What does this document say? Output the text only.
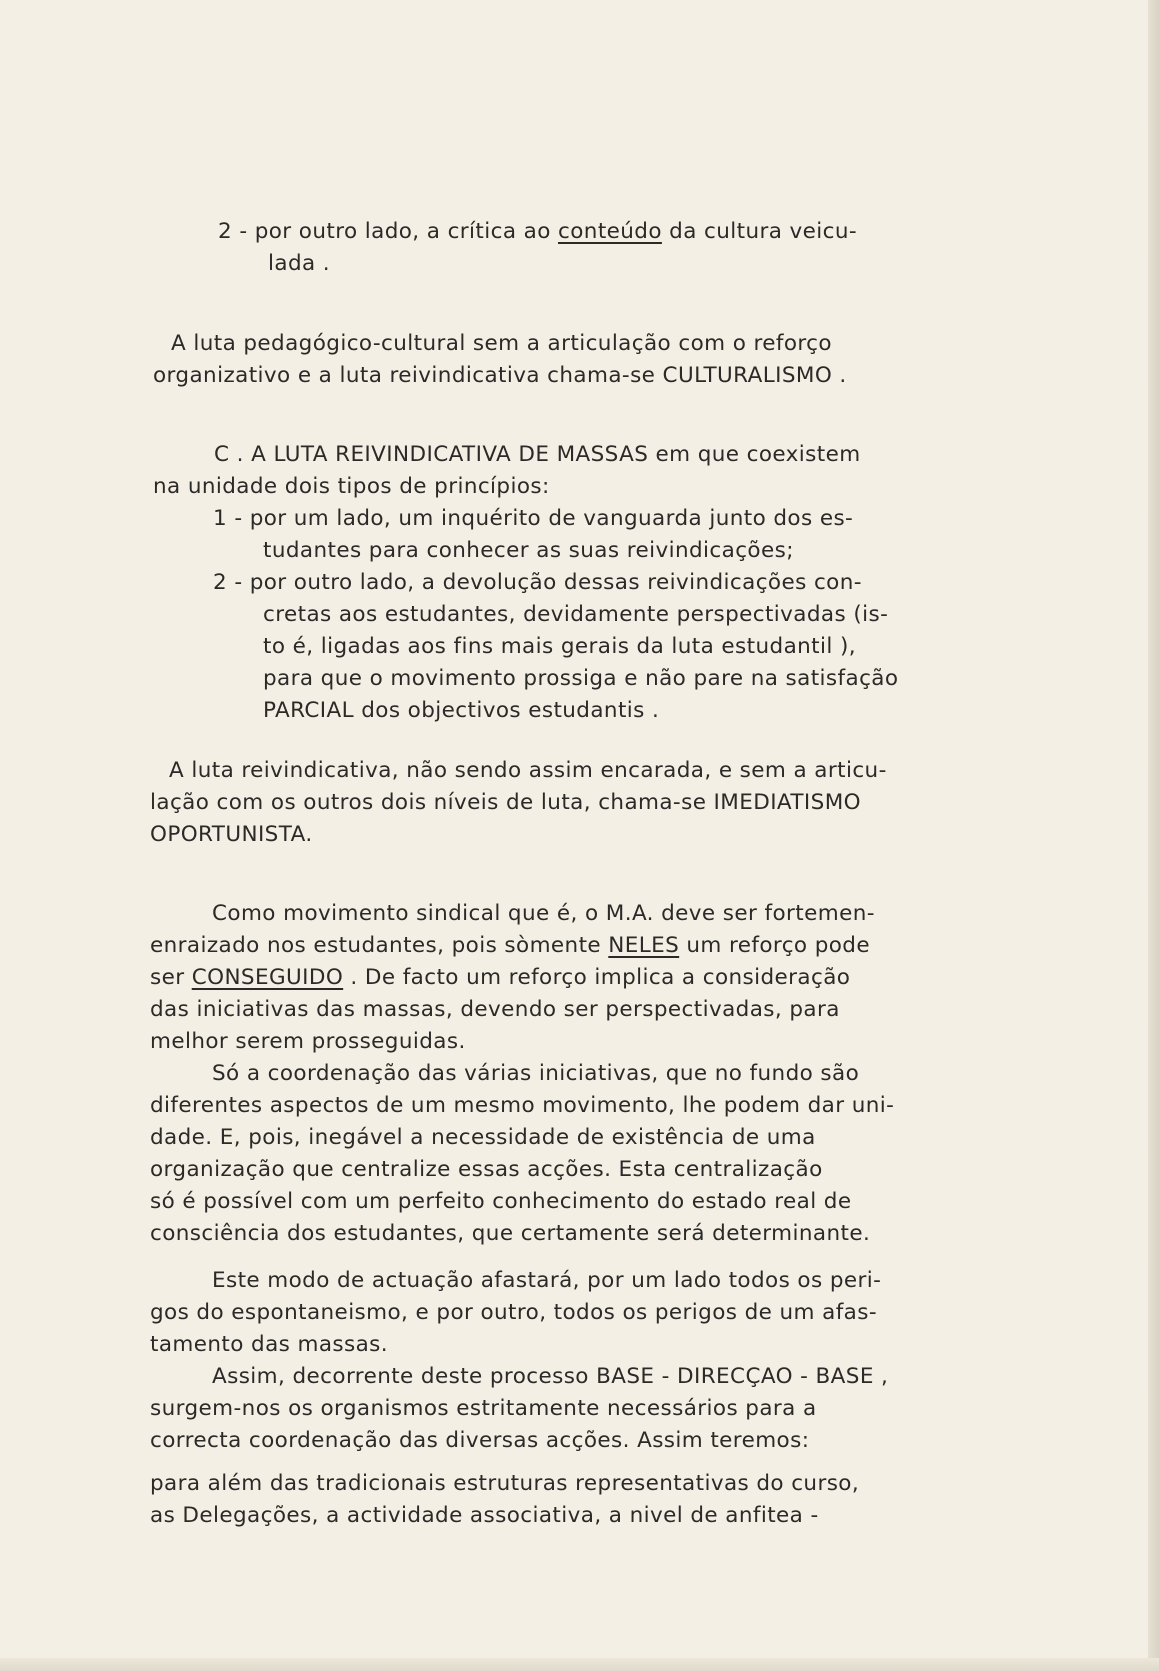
2 - por outro lado, a crítica ao conteúdo da cultura veicu-

lada .

A luta pedagógico-cultural sem a articulação com o reforço

organizativo e a luta reivindicativa chama-se CULTURALISMO .

C . A LUTA REIVINDICATIVA DE MASSAS em que coexistem

na unidade dois tipos de princípios:

1 - por um lado, um inquérito de vanguarda junto dos es-

tudantes para conhecer as suas reivindicações;

2 - por outro lado, a devolução dessas reivindicações con-

cretas aos estudantes, devidamente perspectivadas (is-

to é, ligadas aos fins mais gerais da luta estudantil ),

para que o movimento prossiga e não pare na satisfação

PARCIAL dos objectivos estudantis .

A luta reivindicativa, não sendo assim encarada, e sem a articu-

lação com os outros dois níveis de luta, chama-se IMEDIATISMO

OPORTUNISTA.

Como movimento sindical que é, o M.A. deve ser fortemen-

enraizado nos estudantes, pois sòmente NELES um reforço pode

ser CONSEGUIDO . De facto um reforço implica a consideração

das iniciativas das massas, devendo ser perspectivadas, para

melhor serem prosseguidas.

Só a coordenação das várias iniciativas, que no fundo são

diferentes aspectos de um mesmo movimento, lhe podem dar uni-

dade. E, pois, inegável a necessidade de existência de uma

organização que centralize essas acções. Esta centralização

só é possível com um perfeito conhecimento do estado real de

consciência dos estudantes, que certamente será determinante.

Este modo de actuação afastará, por um lado todos os peri-

gos do espontaneismo, e por outro, todos os perigos de um afas-

tamento das massas.

Assim, decorrente deste processo BASE - DIRECÇAO - BASE ,

surgem-nos os organismos estritamente necessários para a

correcta coordenação das diversas acções. Assim teremos:

para além das tradicionais estruturas representativas do curso,

as Delegações, a actividade associativa, a nivel de anfitea -
